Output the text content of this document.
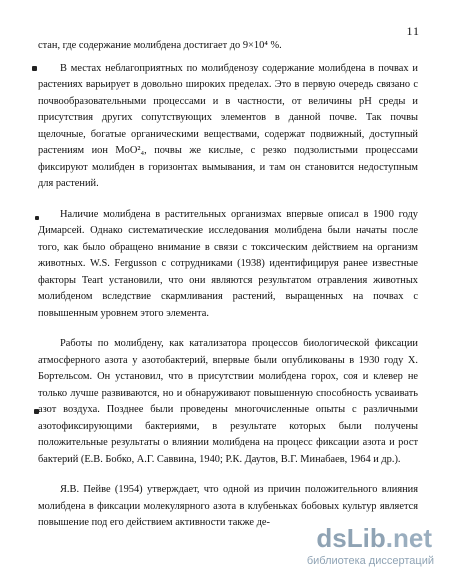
11

стан, где содержание молибдена достигает до 9×10⁴ %.

В местах неблагоприятных по молибденозу содержание молибдена в почвах и растениях варьирует в довольно широких пределах. Это в первую очередь связано с почвообразовательными процессами и в частности, от величины pH среды и присутствия других сопутствующих элементов в данной почве. Так почвы щелочные, богатые органическими веществами, содержат подвижный, доступный растениям ион MoO²₄, почвы же кислые, с резко подзолистыми процессами фиксируют молибден в горизонтах вымывания, и там он становится недоступным для растений.

Наличие молибдена в растительных организмах впервые описал в 1900 году Димарсей. Однако систематические исследования молибдена были начаты после того, как было обращено внимание в связи с токсическим действием на организм животных. W.S. Fergusson с сотрудниками (1938) идентифицируя ранее известные факторы Teart установили, что они являются результатом отравления животных молибденом вследствие скармливания растений, выращенных на почвах с повышенным уровнем этого элемента.

Работы по молибдену, как катализатора процессов биологической фиксации атмосферного азота у азотобактерий, впервые были опубликованы в 1930 году Х. Бортельсом. Он установил, что в присутствии молибдена горох, соя и клевер не только лучше развиваются, но и обнаруживают повышенную способность усваивать азот воздуха. Позднее были проведены многочисленные опыты с различными азотофиксирующими бактериями, в результате которых были получены положительные результаты о влиянии молибдена на процесс фиксации азота и рост бактерий (Е.В. Бобко, А.Г. Саввина, 1940; Р.К. Даутов, В.Г. Минабаев, 1964 и др.).

Я.В. Пейве (1954) утверждает, что одной из причин положительного влияния молибдена в фиксации молекулярного азота в клубеньках бобовых культур является повышение под его действием активности также де-

dsLib.net
библиотека диссертаций
